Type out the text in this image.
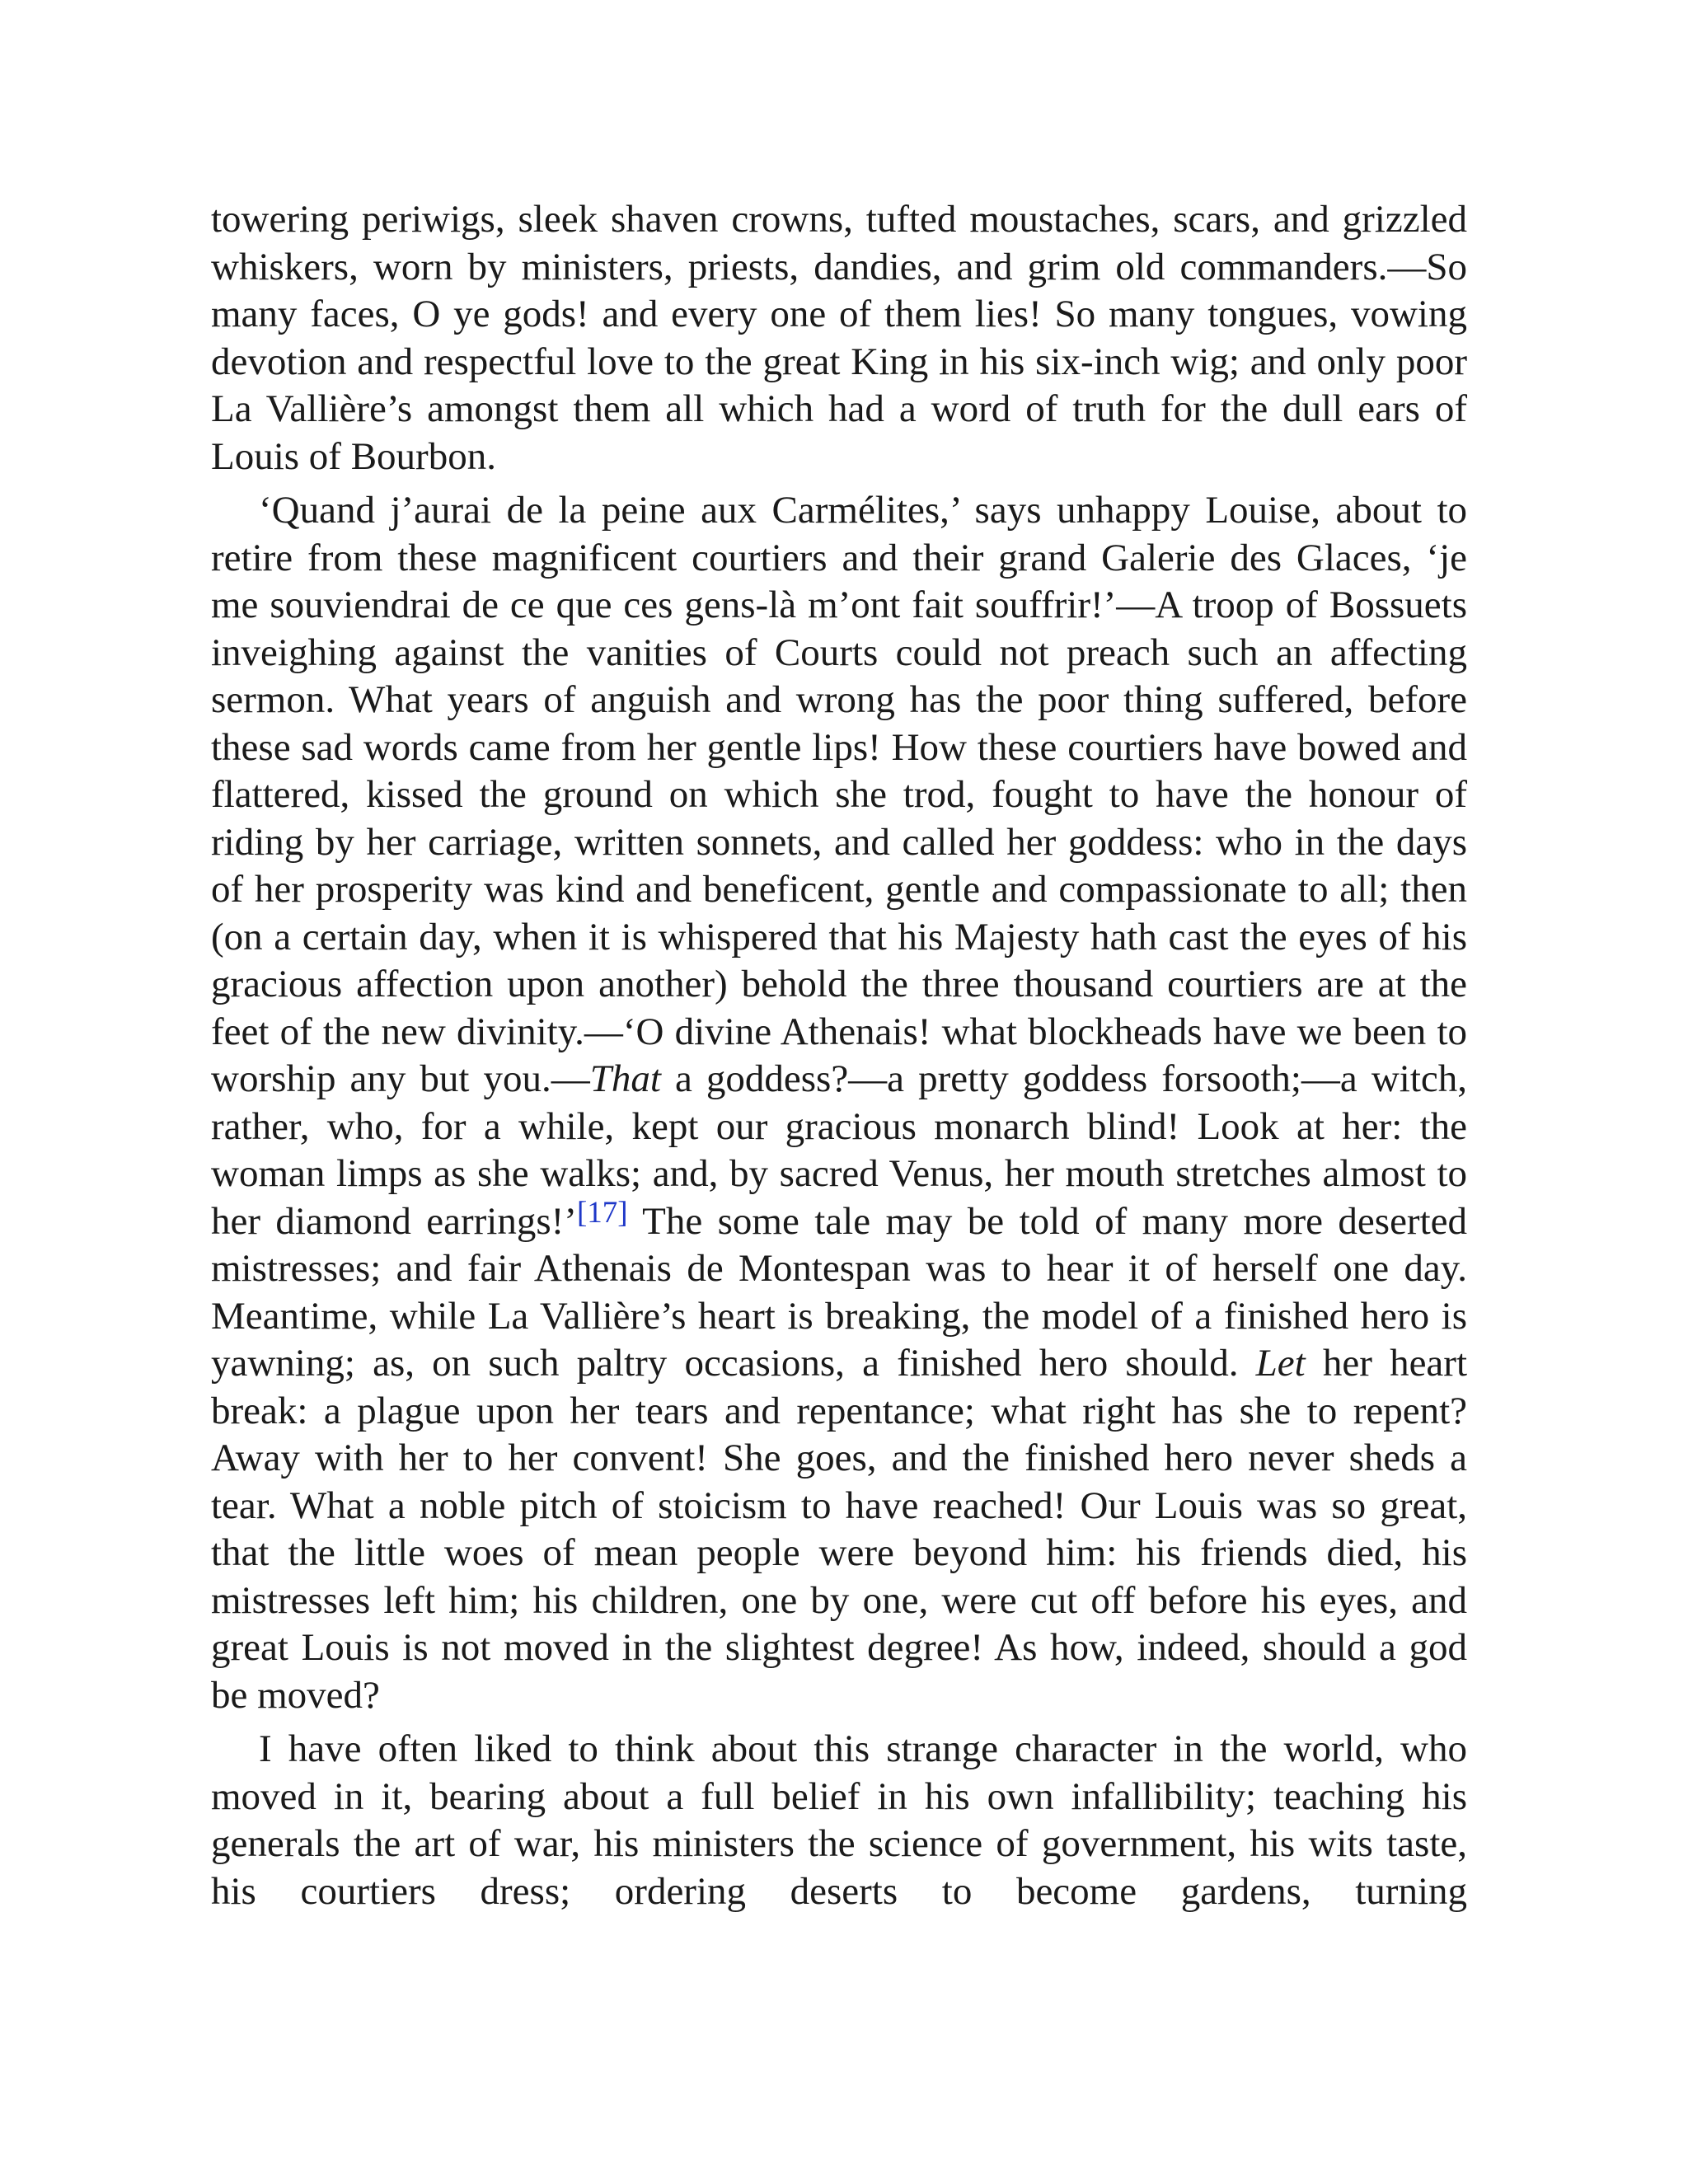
towering periwigs, sleek shaven crowns, tufted moustaches, scars, and grizzled whiskers, worn by ministers, priests, dandies, and grim old commanders.—So many faces, O ye gods! and every one of them lies! So many tongues, vowing devotion and respectful love to the great King in his six-inch wig; and only poor La Vallière’s amongst them all which had a word of truth for the dull ears of Louis of Bourbon.

‘Quand j’aurai de la peine aux Carmélites,’ says unhappy Louise, about to retire from these magnificent courtiers and their grand Galerie des Glaces, ‘je me souviendrai de ce que ces gens-là m’ont fait souffrir!’—A troop of Bossuets inveighing against the vanities of Courts could not preach such an affecting sermon. What years of anguish and wrong has the poor thing suffered, before these sad words came from her gentle lips! How these courtiers have bowed and flattered, kissed the ground on which she trod, fought to have the honour of riding by her carriage, written sonnets, and called her goddess: who in the days of her prosperity was kind and beneficent, gentle and compassionate to all; then (on a certain day, when it is whispered that his Majesty hath cast the eyes of his gracious affection upon another) behold the three thousand courtiers are at the feet of the new divinity.—‘O divine Athenais! what blockheads have we been to worship any but you.—That a goddess?—a pretty goddess forsooth;—a witch, rather, who, for a while, kept our gracious monarch blind! Look at her: the woman limps as she walks; and, by sacred Venus, her mouth stretches almost to her diamond earrings!’[17] The some tale may be told of many more deserted mistresses; and fair Athenais de Montespan was to hear it of herself one day. Meantime, while La Vallière’s heart is breaking, the model of a finished hero is yawning; as, on such paltry occasions, a finished hero should. Let her heart break: a plague upon her tears and repentance; what right has she to repent? Away with her to her convent! She goes, and the finished hero never sheds a tear. What a noble pitch of stoicism to have reached! Our Louis was so great, that the little woes of mean people were beyond him: his friends died, his mistresses left him; his children, one by one, were cut off before his eyes, and great Louis is not moved in the slightest degree! As how, indeed, should a god be moved?

I have often liked to think about this strange character in the world, who moved in it, bearing about a full belief in his own infallibility; teaching his generals the art of war, his ministers the science of government, his wits taste, his courtiers dress; ordering deserts to become gardens, turning
